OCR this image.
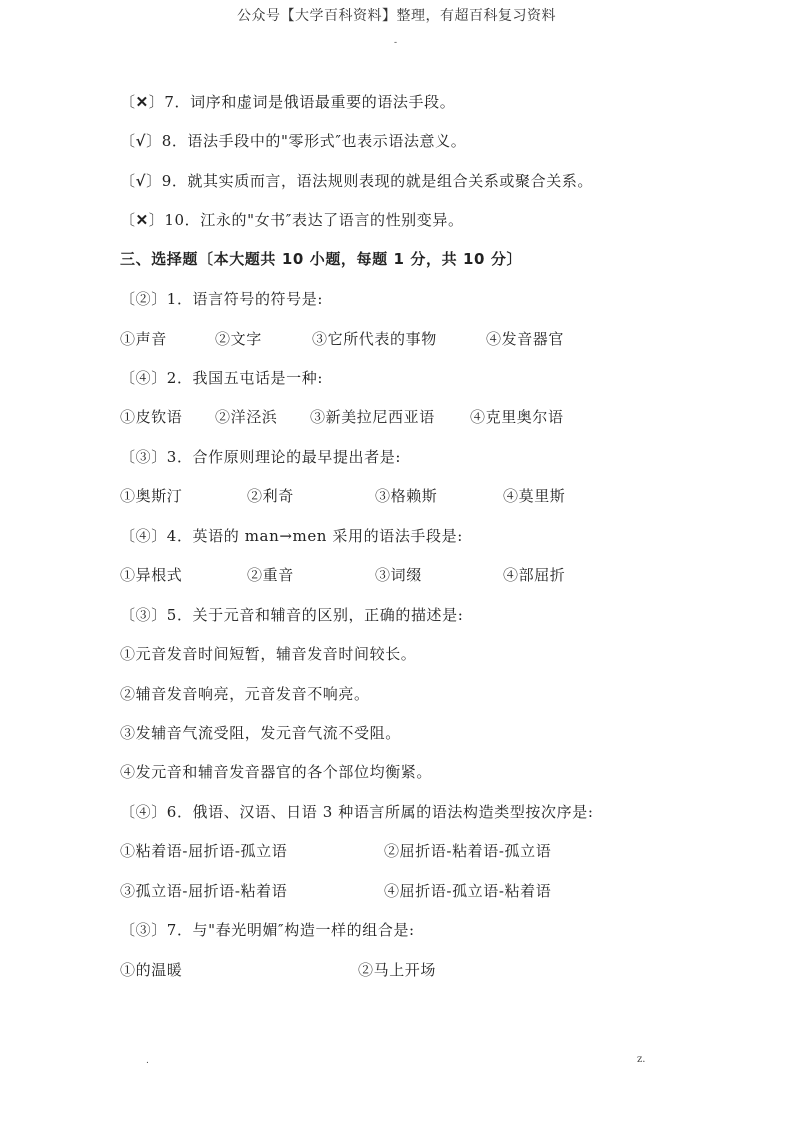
公众号【大学百科资料】整理，有超百科复习资料
-
〔✕〕7．词序和虚词是俄语最重要的语法手段。
〔√〕8．语法手段中的"零形式″也表示语法意义。
〔√〕9．就其实质而言，语法规则表现的就是组合关系或聚合关系。
〔✕〕10．江永的"女书″表达了语言的性别变异。
三、选择题〔本大题共 10 小题，每题 1 分，共 10 分〕
〔②〕1．语言符号的符号是:
①声音	②文字	③它所代表的事物	④发音器官
〔④〕2．我国五屯话是一种:
①皮钦语 ②洋泾浜 ③新美拉尼西亚语 ④克里奥尔语
〔③〕3．合作原则理论的最早提出者是:
①奥斯汀	②利奇	③格赖斯	④莫里斯
〔④〕4．英语的 man→men 采用的语法手段是:
①异根式	②重音	③词缀	④部屈折
〔③〕5．关于元音和辅音的区别，正确的描述是:
①元音发音时间短暂，辅音发音时间较长。
②辅音发音响亮，元音发音不响亮。
③发辅音气流受阻，发元音气流不受阻。
④发元音和辅音发音器官的各个部位均衡紧。
〔④〕6．俄语、汉语、日语 3 种语言所属的语法构造类型按次序是:
①粘着语-屈折语-孤立语	②屈折语-粘着语-孤立语
③孤立语-屈折语-粘着语	④屈折语-孤立语-粘着语
〔③〕7．与"春光明媚″构造一样的组合是:
①的温暖	②马上开场
.	z.
